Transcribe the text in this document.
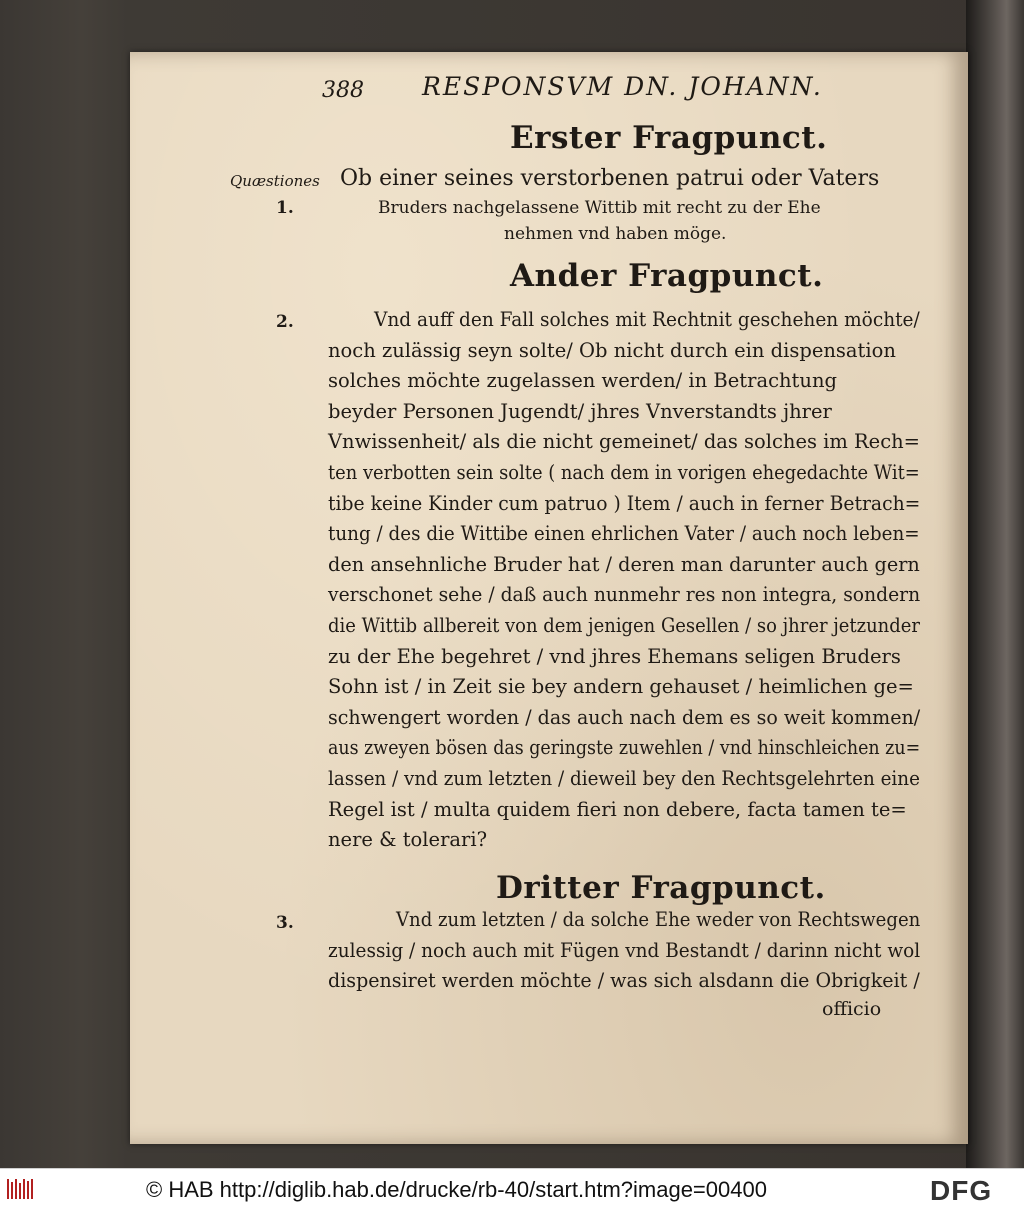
388 RESPONSVM DN. JOHANN.
Erster Fragpunct.
Quæstiones
1.
Ob einer seines verstorbenen patrui oder Vaters
Bruders nachgelassene Wittib mit recht zu der Ehe
nehmen vnd haben möge.
Ander Fragpunct.
2.	Vnd auff den Fall solches mit Rechtnit geschehen möchte/
noch zulässig seyn solte/ Ob nicht durch ein dispensation
solches möchte zugelassen werden/ in Betrachtung
beyder Personen Jugendt/ jhres Vnverstandts jhrer
Vnwissenheit/ als die nicht gemeinet/ das solches im Rech=
ten verbotten sein solte ( nach dem in vorigen ehegedachte Wit=
tibe keine Kinder cum patruo ) Item / auch in ferner Betrach=
tung / des die Wittibe einen ehrlichen Vater / auch noch leben=
den ansehnliche Bruder hat / deren man darunter auch gern
verschonet sehe / daß auch nunmehr res non integra, sondern
die Wittib allbereit von dem jenigen Gesellen / so jhrer jetzunder
zu der Ehe begehret / vnd jhres Ehemans seligen Bruders
Sohn ist / in Zeit sie bey andern gehauset / heimlichen ge=
schwengert worden / das auch nach dem es so weit kommen/
aus zweyen bösen das geringste zuwehlen / vnd hinschleichen zu=
lassen / vnd zum letzten / dieweil bey den Rechtsgelehrten eine
Regel ist / multa quidem fieri non debere, facta tamen te=
nere & tolerari?
Dritter Fragpunct.
3.	Vnd zum letzten / da solche Ehe weder von Rechtswegen
zulessig / noch auch mit Fügen vnd Bestandt / darinn nicht wol
dispensiret werden möchte / was sich alsdann die Obrigkeit /
officio
© HAB http://diglib.hab.de/drucke/rb-40/start.htm?image=00400	DFG
